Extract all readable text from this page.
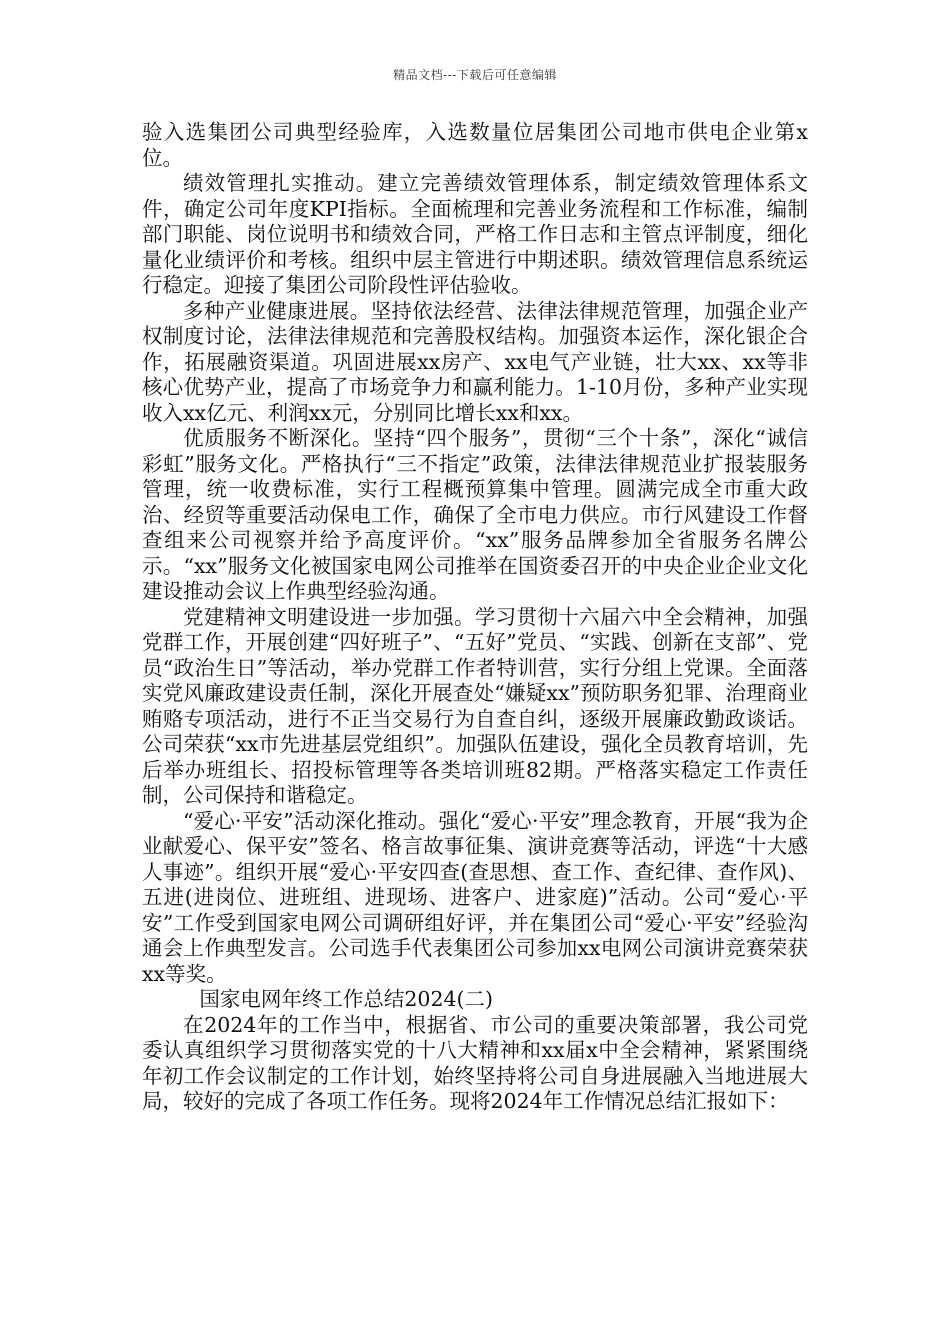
精品文档---下载后可任意编辑

验入选集团公司典型经验库，入选数量位居集团公司地市供电企业第x位。

绩效管理扎实推动。建立完善绩效管理体系，制定绩效管理体系文件，确定公司年度KPI指标。全面梳理和完善业务流程和工作标准，编制部门职能、岗位说明书和绩效合同，严格工作日志和主管点评制度，细化量化业绩评价和考核。组织中层主管进行中期述职。绩效管理信息系统运行稳定。迎接了集团公司阶段性评估验收。

多种产业健康进展。坚持依法经营、法律法律规范管理，加强企业产权制度讨论，法律法律规范和完善股权结构。加强资本运作，深化银企合作，拓展融资渠道。巩固进展xx房产、xx电气产业链，壮大xx、xx等非核心优势产业，提高了市场竞争力和赢利能力。1-10月份，多种产业实现收入xx亿元、利润xx元，分别同比增长xx和xx。

优质服务不断深化。坚持“四个服务”，贯彻“三个十条”，深化“诚信彩虹”服务文化。严格执行“三不指定”政策，法律法律规范业扩报装服务管理，统一收费标准，实行工程概预算集中管理。圆满完成全市重大政治、经贸等重要活动保电工作，确保了全市电力供应。市行风建设工作督查组来公司视察并给予高度评价。“xx”服务品牌参加全省服务名牌公示。“xx”服务文化被国家电网公司推举在国资委召开的中央企业企业文化建设推动会议上作典型经验沟通。

党建精神文明建设进一步加强。学习贯彻十六届六中全会精神，加强党群工作，开展创建“四好班子”、“五好”党员、“实践、创新在支部”、党员“政治生日”等活动，举办党群工作者特训营，实行分组上党课。全面落实党风廉政建设责任制，深化开展查处“嫌疑xx”预防职务犯罪、治理商业贿赂专项活动，进行不正当交易行为自查自纠，逐级开展廉政勤政谈话。公司荣获“xx市先进基层党组织”。加强队伍建设，强化全员教育培训，先后举办班组长、招投标管理等各类培训班82期。严格落实稳定工作责任制，公司保持和谐稳定。

“爱心·平安”活动深化推动。强化“爱心·平安”理念教育，开展“我为企业献爱心、保平安”签名、格言故事征集、演讲竞赛等活动，评选“十大感人事迹”。组织开展“爱心·平安四查(查思想、查工作、查纪律、查作风)、五进(进岗位、进班组、进现场、进客户、进家庭)”活动。公司“爱心·平安”工作受到国家电网公司调研组好评，并在集团公司“爱心·平安”经验沟通会上作典型发言。公司选手代表集团公司参加xx电网公司演讲竞赛荣获xx等奖。

国家电网年终工作总结2024(二)

在2024年的工作当中，根据省、市公司的重要决策部署，我公司党委认真组织学习贯彻落实党的十八大精神和xx届x中全会精神，紧紧围绕年初工作会议制定的工作计划，始终坚持将公司自身进展融入当地进展大局，较好的完成了各项工作任务。现将2024年工作情况总结汇报如下：
